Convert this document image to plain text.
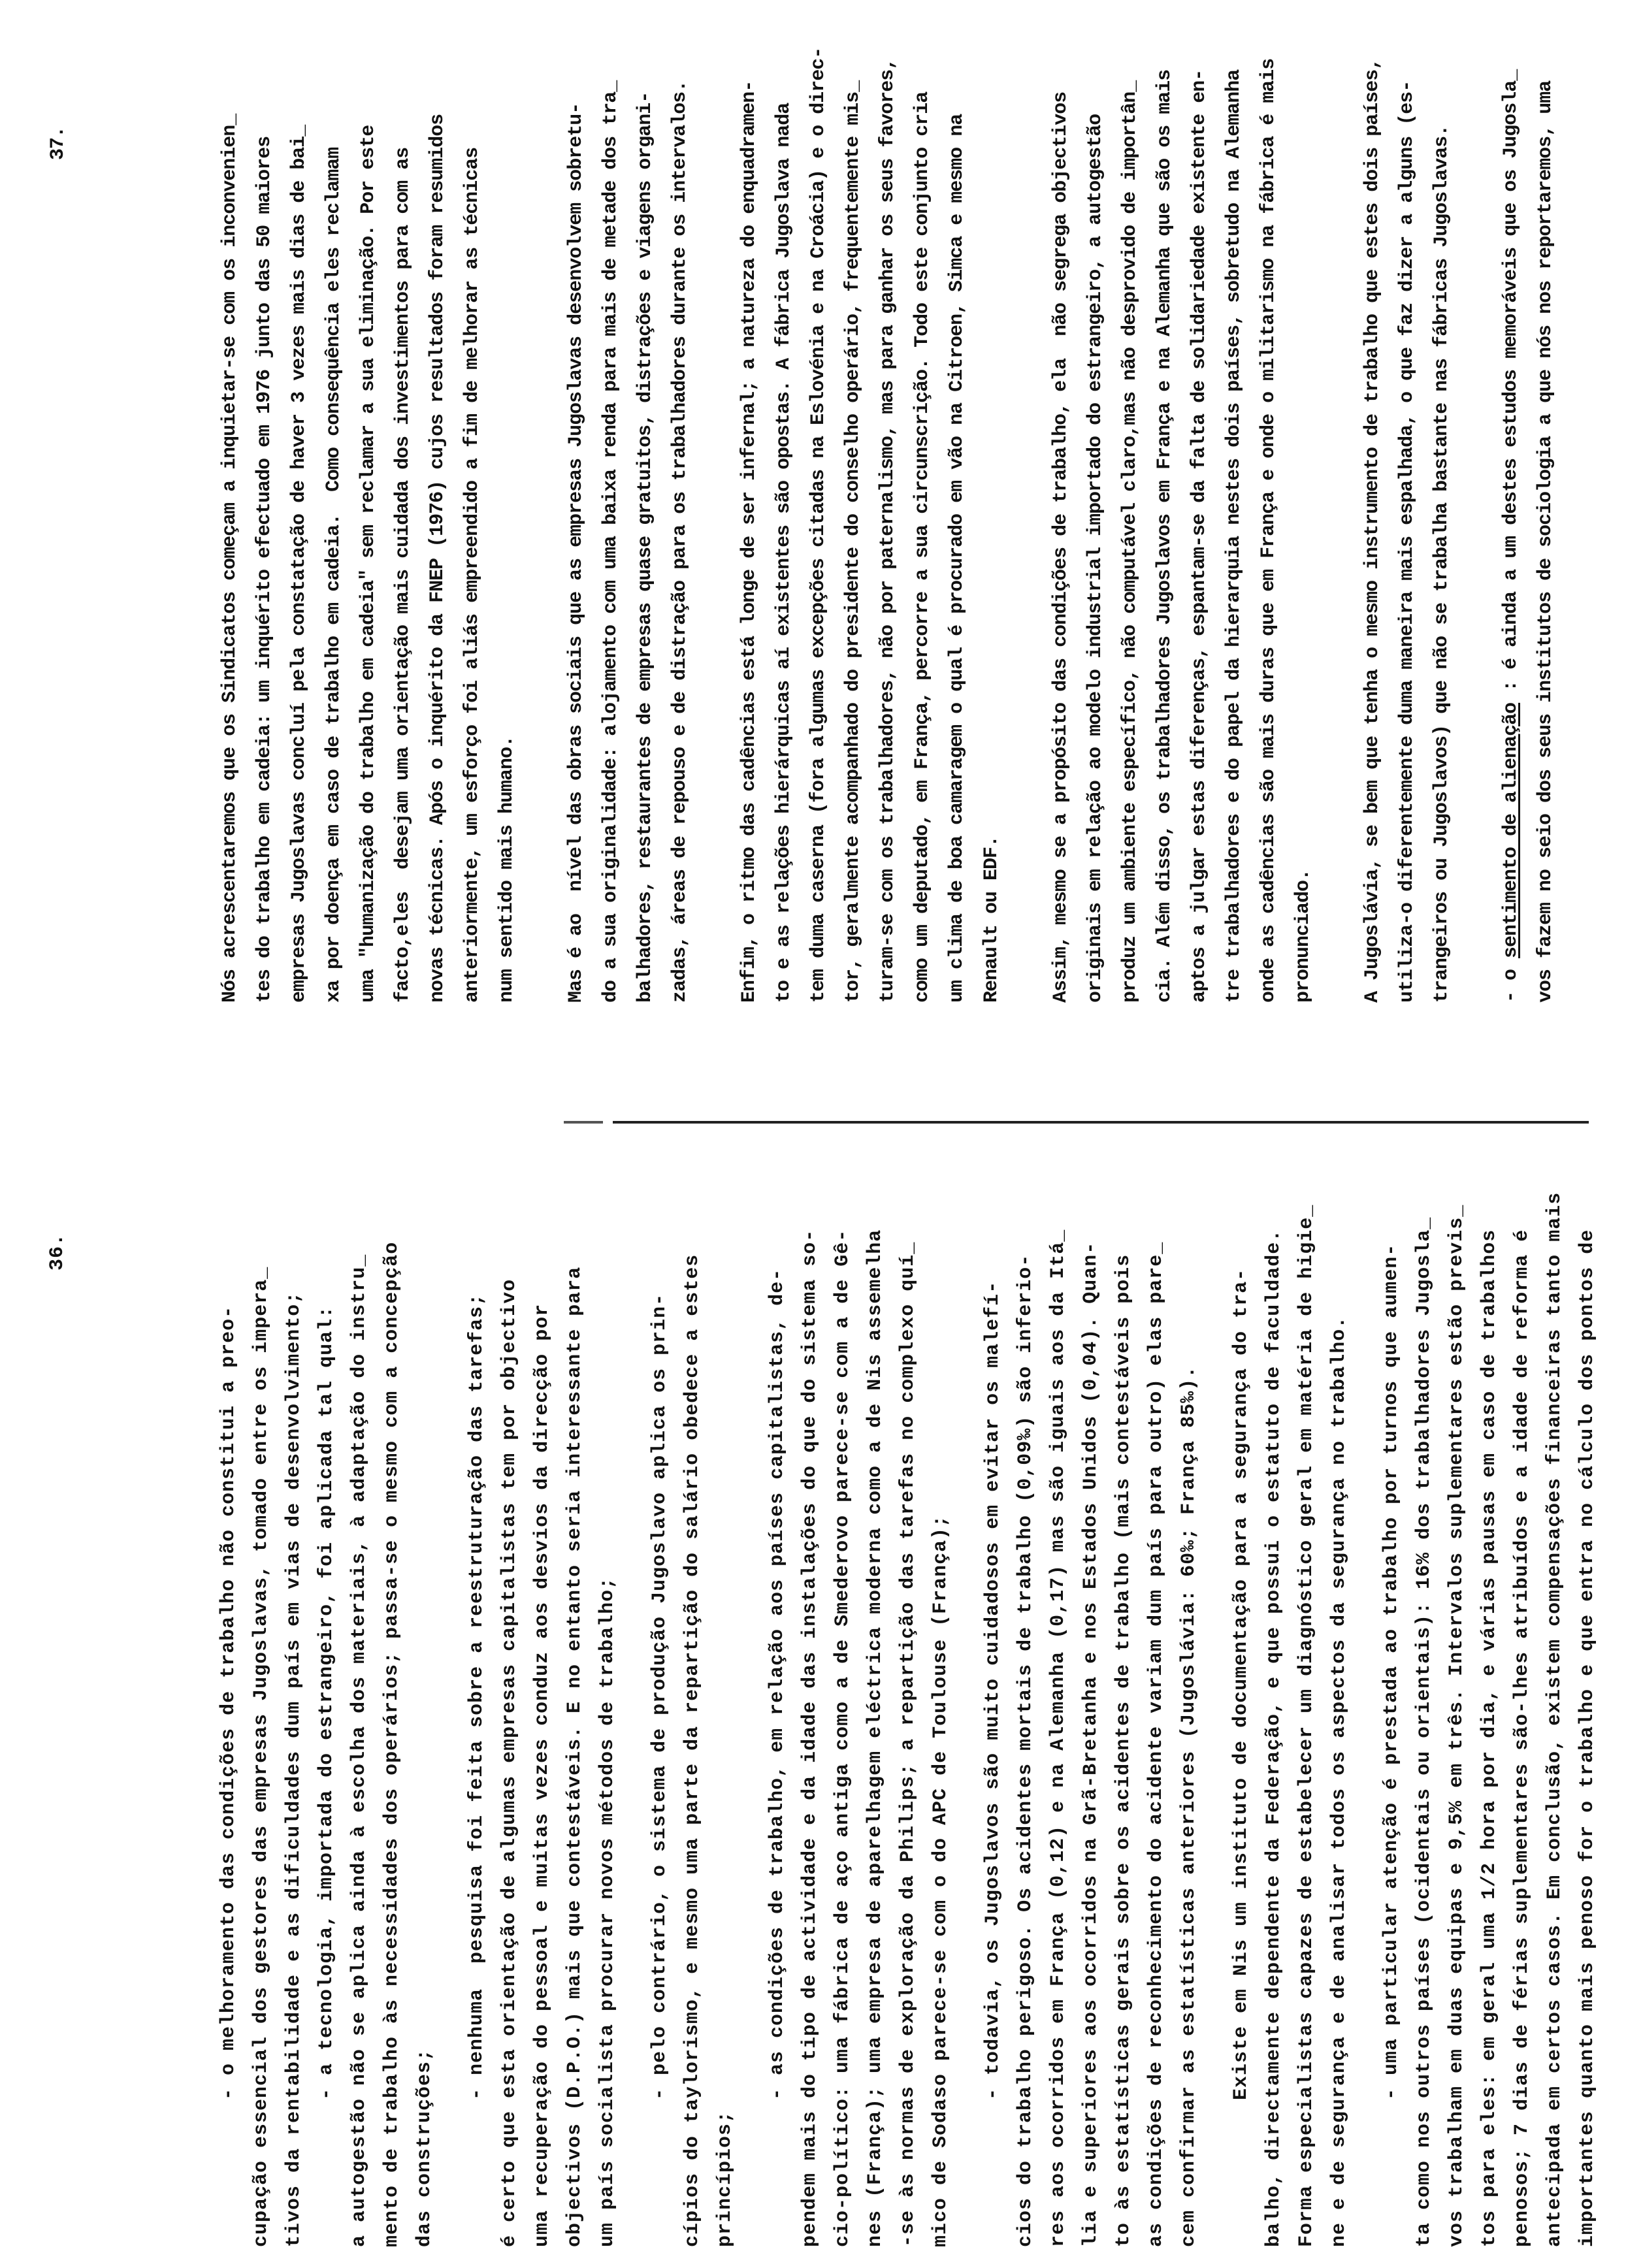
37.

	Nós acrescentaremos que os Sindicatos começam a inquietar-se com os inconvenien_ tes do trabalho em cadeia: um inquérito efectuado em 1976 junto das 50 maiores empresas Jugoslavas concluí pela constatação de haver 3 vezes mais dias de bai_ xa por doença em caso de trabalho em cadeia.  Como consequência eles reclamam uma "humanização do trabalho em cadeia" sem reclamar a sua eliminação. Por este facto,eles  desejam uma orientação mais cuidada dos investimentos para com as novas técnicas. Após o inquérito da FNEP (1976) cujos resultados foram resumidos anteriormente, um esforço foi aliás empreendido a fim de melhorar as técnicas num sentido mais humano.	Mas é ao  nível das obras sociais que as empresas Jugoslavas desenvolvem sobretu- do a sua originalidade: alojamento com uma baixa renda para mais de metade dos tra_ balhadores, restaurantes de empresas quase gratuitos, distrações e viagens organi- zadas, áreas de repouso e de distração para os trabalhadores durante os intervalos.	Enfim, o ritmo das cadências está longe de ser infernal; a natureza do enquadramen- to e as relações hierárquicas aí existentes são opostas. A fábrica Jugoslava nada tem duma caserna (fora algumas excepções citadas na Eslovénia e na Croácia) e o direc- tor, geralmente acompanhado do presidente do conselho operário, frequentemente mis_ turam-se com os trabalhadores, não por paternalismo, mas para ganhar os seus favores, como um deputado, em França, percorre a sua circunscrição. Todo este conjunto cria um clima de boa camaragem o qual é procurado em vão na Citroen, Simca e mesmo na Renault ou EDF.	Assim, mesmo se a propósito das condições de trabalho, ela  não segrega objectivos originais em relação ao modelo industrial importado do estrangeiro, a autogestão produz um ambiente específico, não computável claro,mas não desprovido de importân_ cia. Além disso, os trabalhadores Jugoslavos em França e na Alemanha que são os mais aptos a julgar estas diferenças, espantam-se da falta de solidariedade existente en- tre trabalhadores e do papel da hierarquia nestes dois países, sobretudo na Alemanha onde as cadências são mais duras que em França e onde o militarismo na fábrica é mais pronunciado.	A Jugoslávia, se bem que tenha o mesmo instrumento de trabalho que estes dois países, utiliza-o diferentemente duma maneira mais espalhada, o que faz dizer a alguns (es- trangeiros ou Jugoslavos) que não se trabalha bastante nas fábricas Jugoslavas.	- o sentimento de alienação : é ainda a um destes estudos memoráveis que os Jugosla_ vos fazem no seio dos seus institutos de sociologia a que nós nos reportaremos, uma

36.

- o melhoramento das condições de trabalho não constitui a preo- cupação essencial dos gestores das empresas Jugoslavas, tomado entre os impera_ tivos da rentabilidade e as dificuldades dum país em vias de desenvolvimento; - a tecnologia, importada do estrangeiro, foi aplicada tal qual: a autogestão não se aplica ainda à escolha dos materiais, à adaptação do instru_ mento de trabalho às necessidades dos operários; passa-se o mesmo com a concepção das construções;
- nenhuma  pesquisa foi feita sobre a reestruturação das tarefas; é certo que esta orientação de algumas empresas capitalistas tem por objectivo uma recuperação do pessoal e muitas vezes conduz aos desvios da direcção por objectivos (D.P.O.) mais que contestáveis. E no entanto seria interessante para um país socialista procurar novos métodos de trabalho; - pelo contrário, o sistema de produção Jugoslavo aplica os prin- cípios do taylorismo, e mesmo uma parte da repartição do salário obedece a estes princípios;
- as condições de trabalho, em relação aos países capitalistas, de- pendem mais do tipo de actividade e da idade das instalações do que do sistema so- cio-político: uma fábrica de aço antiga como a de Smederovo parece-se com a de Gê- nes (França); uma empresa de aparelhagem eléctrica moderna como a de Nis assemelha -se às normas de exploração da Philips; a repartição das tarefas no complexo quí_ mico de Sodaso parece-se com o do APC de Toulouse (França); - todavia, os Jugoslavos são muito cuidadosos em evitar os malefí- cios do trabalho perigoso. Os acidentes mortais de trabalho (0,09‰) são inferio- res aos ocorridos em França (0,12) e na Alemanha (0,17) mas são iguais aos da Itá_ lia e superiores aos ocorridos na Grã-Bretanha e nos Estados Unidos (0,04). Quan- to às estatísticas gerais sobre os acidentes de trabalho (mais contestáveis pois as condições de reconhecimento do acidente variam dum país para outro) elas pare_ cem confirmar as estatísticas anteriores (Jugoslávia: 60‰; França 85‰). Existe em Nis um instituto de documentação para a segurança do tra- balho, directamente dependente da Federação, e que possui o estatuto de faculdade. Forma especialistas capazes de estabelecer um diagnóstico geral em matéria de higie_ ne e de segurança e de analisar todos os aspectos da segurança no trabalho. - uma particular atenção é prestada ao trabalho por turnos que aumen- ta como nos outros países (ocidentais ou orientais): 16% dos trabalhadores Jugosla_ vos trabalham em duas equipas e 9,5% em três. Intervalos suplementares estão previs_ tos para eles: em geral uma 1/2 hora por dia, e várias pausas em caso de trabalhos penosos; 7 dias de férias suplementares são-lhes atribuídos e a idade de reforma é antecipada em certos casos. Em conclusão, existem compensações financeiras tanto mais importantes quanto mais penoso for o trabalho e que entra no cálculo dos pontos de
